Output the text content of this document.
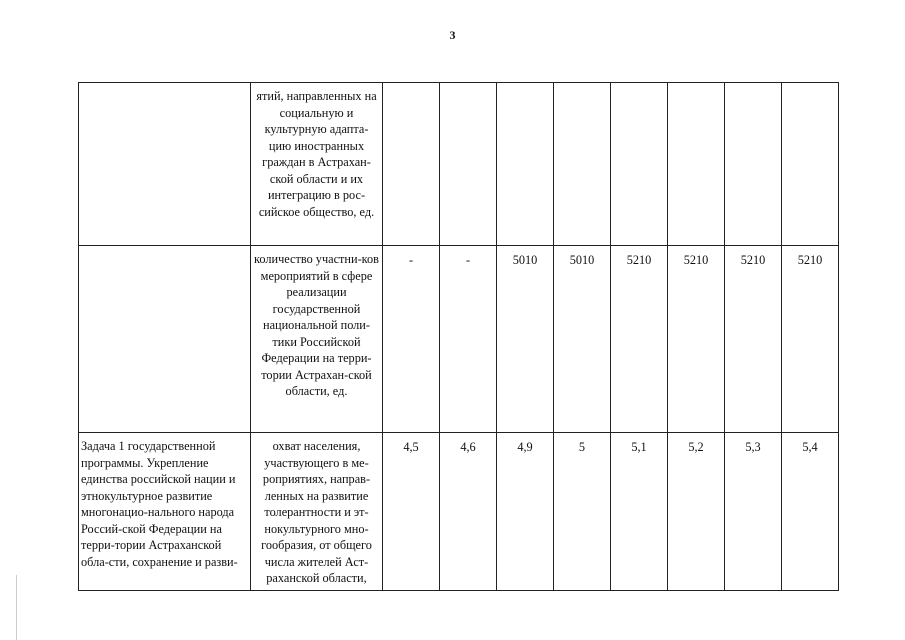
3

	ятий, направленных на социальную и культурную адапта-цию иностранных граждан в Астрахан-ской области и их интеграцию в рос-сийское общество, ед.								

	количество участни-ков мероприятий в сфере реализации государственной национальной поли-тики Российской Федерации на терри-тории Астрахан-ской области, ед.	-	-	5010	5010	5210	5210	5210	5210

Задача 1 государственной программы. Укрепление единства российской нации и этнокультурное развитие многонацио-нального народа Россий-ской Федерации на терри-тории Астраханской обла-сти, сохранение и разви-	охват населения, участвующего в ме-роприятиях, направ-ленных на развитие толерантности и эт-нокультурного мно-гообразия, от общего числа жителей Аст-раханской области,	4,5	4,6	4,9	5	5,1	5,2	5,3	5,4
